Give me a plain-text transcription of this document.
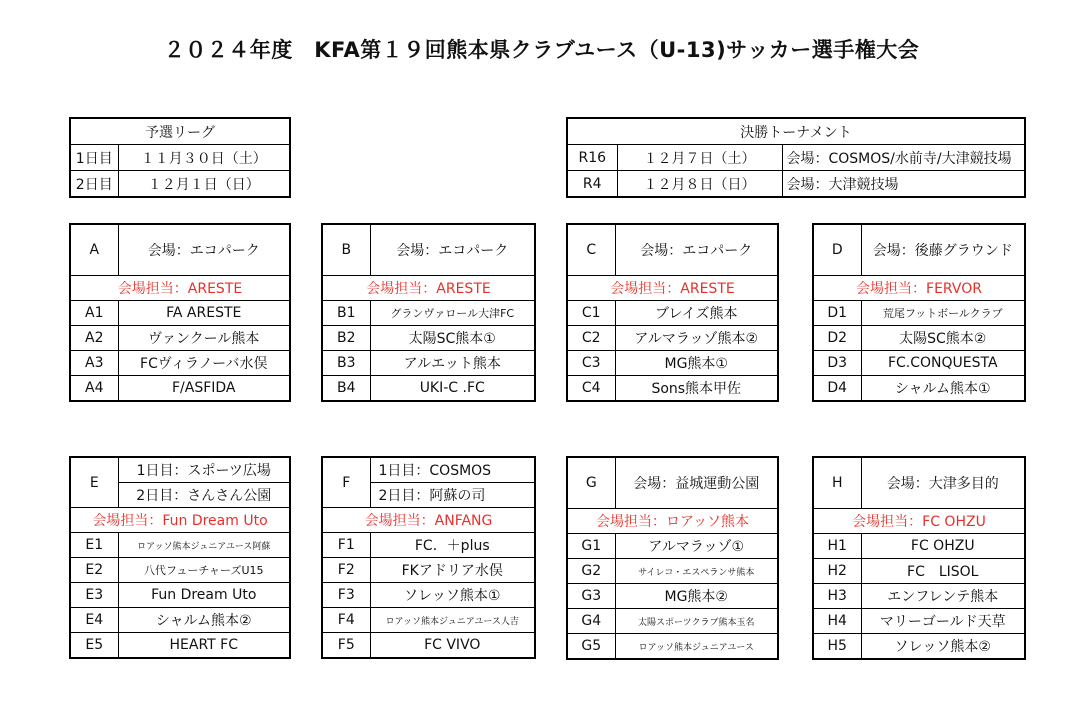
２０２４年度　KFA第１９回熊本県クラブユース（U-13)サッカー選手権大会
予選リーグ	
1日目	１１月３０日（土）
2日目	１２月１日（日）
決勝トーナメント		
R16	１２月７日（土）	会場：COSMOS/水前寺/大津競技場
R4	１２月８日（日）	会場：大津競技場
A	会場：エコパーク
会場担当：ARESTE	
A1	FA ARESTE
A2	ヴァンクール熊本
A3	FCヴィラノーバ水俣
A4	F/ASFIDA
B	会場：エコパーク
会場担当：ARESTE	
B1	グランヴァロール大津FC
B2	太陽SC熊本①
B3	アルエット熊本
B4	UKI-C .FC
C	会場：エコパーク
会場担当：ARESTE	
C1	ブレイズ熊本
C2	アルマラッゾ熊本②
C3	MG熊本①
C4	Sons熊本甲佐
D	会場：後藤グラウンド
会場担当：FERVOR	
D1	荒尾フットボールクラブ
D2	太陽SC熊本②
D3	FC.CONQUESTA
D4	シャルム熊本①
E	1日目：スポーツ広場
	2日目：さんさん公園
会場担当：Fun Dream Uto	
E1	ロアッソ熊本ジュニアユース阿蘇
E2	八代フューチャーズU15
E3	Fun Dream Uto
E4	シャルム熊本②
E5	HEART FC
F	1日目：COSMOS
	2日目：阿蘇の司
会場担当：ANFANG	
F1	FC．＋plus
F2	FKアドリア水俣
F3	ソレッソ熊本①
F4	ロアッソ熊本ジュニアユース人吉
F5	FC VIVO
G	会場：益城運動公園
会場担当：ロアッソ熊本	
G1	アルマラッゾ①
G2	サイレコ・エスペランサ熊本
G3	MG熊本②
G4	太陽スポーツクラブ熊本玉名
G5	ロアッソ熊本ジュニアユース
H	会場：大津多目的
会場担当：FC OHZU	
H1	FC OHZU
H2	FC　LISOL
H3	エンフレンテ熊本
H4	マリーゴールド天草
H5	ソレッソ熊本②
